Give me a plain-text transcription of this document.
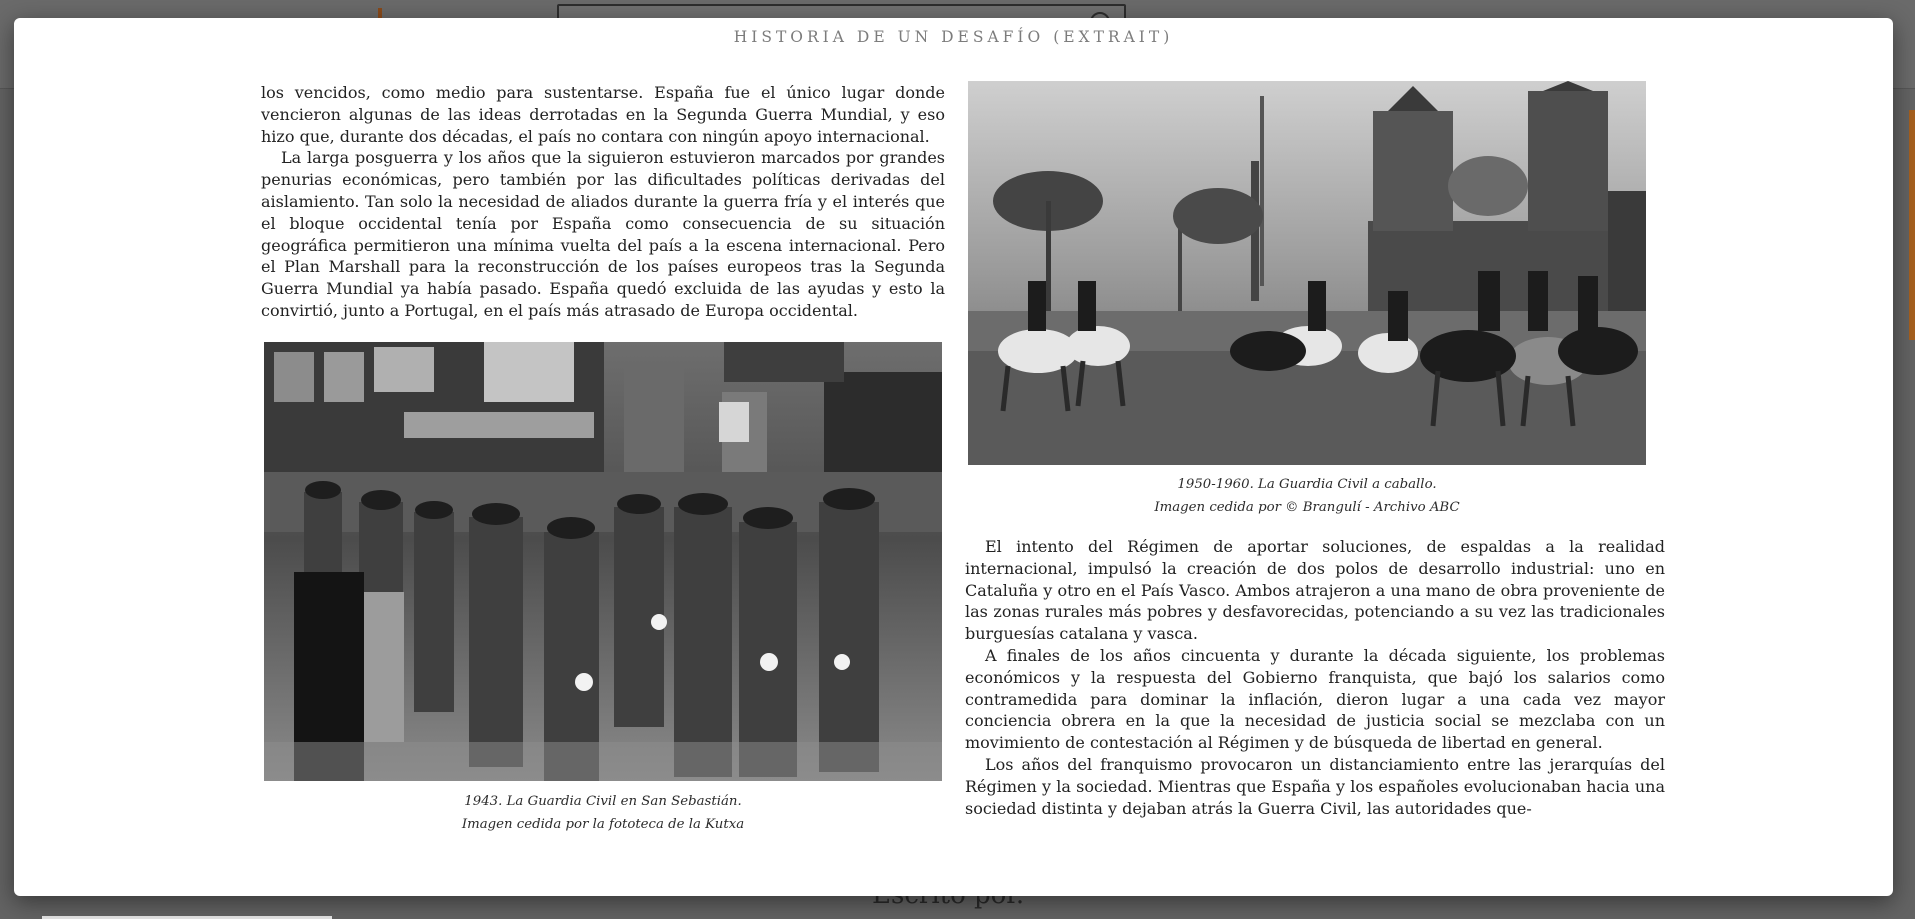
HISTORIA DE UN DESAFÍO (EXTRAIT)

los vencidos, como medio para sustentarse. España fue el único lugar donde vencieron algunas de las ideas derrotadas en la Segunda Guerra Mundial, y eso hizo que, durante dos décadas, el país no contara con ningún apoyo internacional.

La larga posguerra y los años que la siguieron estuvieron marcados por grandes penurias económicas, pero también por las dificultades políticas derivadas del aislamiento. Tan solo la necesidad de aliados durante la guerra fría y el interés que el bloque occidental tenía por España como consecuencia de su situación geográfica permitieron una mínima vuelta del país a la escena internacional. Pero el Plan Marshall para la reconstrucción de los países europeos tras la Segunda Guerra Mundial ya había pasado. España quedó excluida de las ayudas y esto la convirtió, junto a Portugal, en el país más atrasado de Europa occidental.

1943. La Guardia Civil en San Sebastián.
Imagen cedida por la fototeca de la Kutxa
1950-1960. La Guardia Civil a caballo.
Imagen cedida por © Brangulí - Archivo ABC

El intento del Régimen de aportar soluciones, de espaldas a la realidad internacional, impulsó la creación de dos polos de desarrollo industrial: uno en Cataluña y otro en el País Vasco. Ambos atrajeron a una mano de obra proveniente de las zonas rurales más pobres y desfavorecidas, potenciando a su vez las tradicionales burguesías catalana y vasca.

A finales de los años cincuenta y durante la década siguiente, los problemas económicos y la respuesta del Gobierno franquista, que bajó los salarios como contramedida para dominar la inflación, dieron lugar a una cada vez mayor conciencia obrera en la que la necesidad de justicia social se mezclaba con un movimiento de contestación al Régimen y de búsqueda de libertad en general.

Los años del franquismo provocaron un distanciamiento entre las jerarquías del Régimen y la sociedad. Mientras que España y los españoles evolucionaban hacia una sociedad distinta y dejaban atrás la Guerra Civil, las autoridades que-
